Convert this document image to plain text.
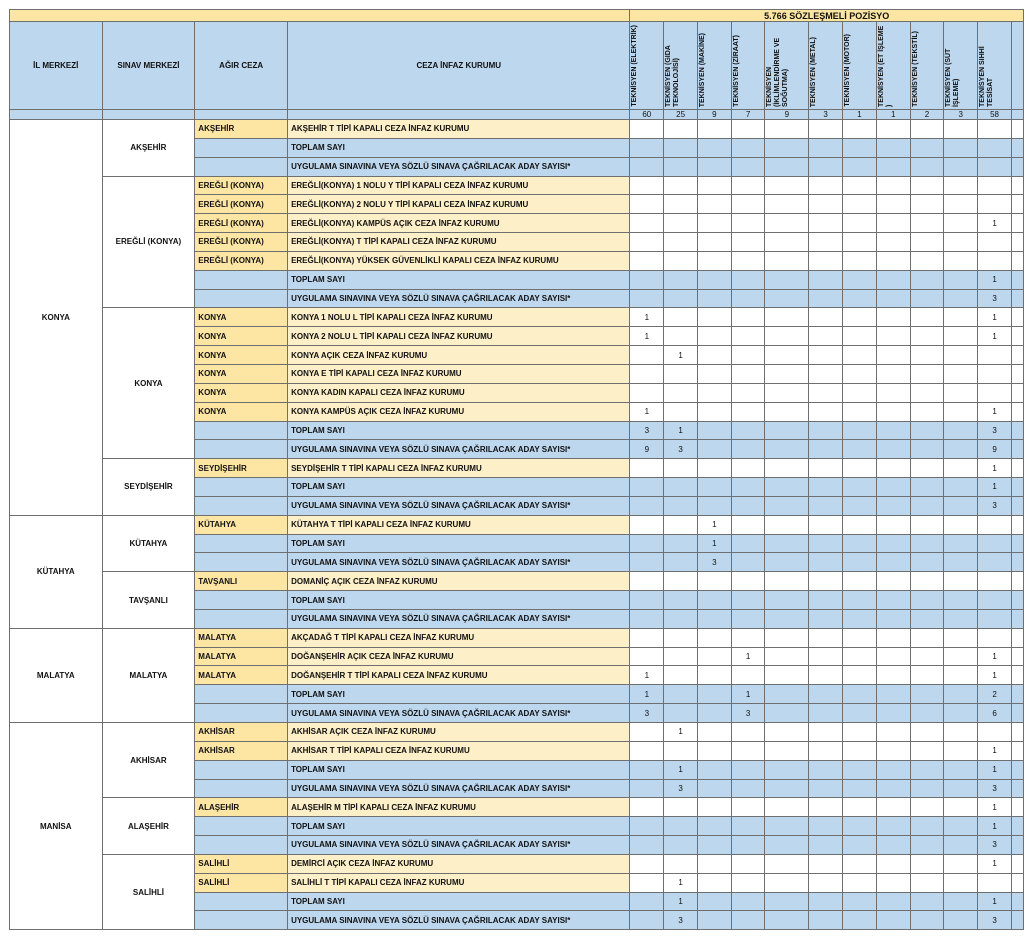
				5.766 SÖZLEŞMELİ POZİSYO											
İL MERKEZİ	SINAV MERKEZİ	AĞIR CEZA	CEZA İNFAZ KURUMU	TEKNİSYEN (ELEKTRİK)	TEKNİSYEN (GIDA TEKNOLOJİSİ)	TEKNİSYEN (MAKİNE)	TEKNİSYEN (ZİRAAT)	TEKNİSYEN (İKLİMLENDİRME VE SOĞUTMA)	TEKNİSYEN (METAL)	TEKNİSYEN (MOTOR)	TEKNİSYEN (ET İŞLEME )	TEKNİSYEN (TEKSTİL)	TEKNİSYEN (SÜT İŞLEME)	TEKNİSYEN SIHHİ TESİSAT	

				60	25	9	7	9	3	1	1	2	3	58	
KONYA	AKŞEHİR	AKŞEHİR	AKŞEHİR T TİPİ KAPALI CEZA İNFAZ KURUMU												
			TOPLAM SAYI												
			UYGULAMA SINAVINA VEYA SÖZLÜ SINAVA ÇAĞRILACAK ADAY SAYISI*												
	EREĞLİ (KONYA)	EREĞLİ (KONYA)	EREĞLİ(KONYA) 1 NOLU Y TİPİ KAPALI CEZA İNFAZ KURUMU												
		EREĞLİ (KONYA)	EREĞLİ(KONYA) 2 NOLU Y TİPİ KAPALI CEZA İNFAZ KURUMU												
		EREĞLİ (KONYA)	EREĞLİ(KONYA) KAMPÜS AÇIK CEZA İNFAZ KURUMU											1	
		EREĞLİ (KONYA)	EREĞLİ(KONYA) T TİPİ KAPALI CEZA İNFAZ KURUMU												
		EREĞLİ (KONYA)	EREĞLİ(KONYA) YÜKSEK GÜVENLİKLİ KAPALI CEZA İNFAZ KURUMU												
			TOPLAM SAYI											1	
			UYGULAMA SINAVINA VEYA SÖZLÜ SINAVA ÇAĞRILACAK ADAY SAYISI*											3	
	KONYA	KONYA	KONYA 1 NOLU L TİPİ KAPALI CEZA İNFAZ KURUMU	1										1	
		KONYA	KONYA 2 NOLU L TİPİ KAPALI CEZA İNFAZ KURUMU	1										1	
		KONYA	KONYA AÇIK CEZA İNFAZ KURUMU		1										
		KONYA	KONYA E TİPİ KAPALI CEZA İNFAZ KURUMU												
		KONYA	KONYA KADIN KAPALI CEZA İNFAZ KURUMU												
		KONYA	KONYA KAMPÜS AÇIK CEZA İNFAZ KURUMU	1										1	
			TOPLAM SAYI	3	1									3	
			UYGULAMA SINAVINA VEYA SÖZLÜ SINAVA ÇAĞRILACAK ADAY SAYISI*	9	3									9	
	SEYDİŞEHİR	SEYDİŞEHİR	SEYDİŞEHİR T TİPİ KAPALI CEZA İNFAZ KURUMU											1	
			TOPLAM SAYI											1	
			UYGULAMA SINAVINA VEYA SÖZLÜ SINAVA ÇAĞRILACAK ADAY SAYISI*											3	
KÜTAHYA	KÜTAHYA	KÜTAHYA	KÜTAHYA T TİPİ KAPALI CEZA İNFAZ KURUMU			1									
			TOPLAM SAYI			1									
			UYGULAMA SINAVINA VEYA SÖZLÜ SINAVA ÇAĞRILACAK ADAY SAYISI*			3									
	TAVŞANLI	TAVŞANLI	DOMANİÇ AÇIK CEZA İNFAZ KURUMU												
			TOPLAM SAYI												
			UYGULAMA SINAVINA VEYA SÖZLÜ SINAVA ÇAĞRILACAK ADAY SAYISI*												
MALATYA	MALATYA	MALATYA	AKÇADAĞ T TİPİ KAPALI CEZA İNFAZ KURUMU												
		MALATYA	DOĞANŞEHİR AÇIK CEZA İNFAZ KURUMU				1							1	
		MALATYA	DOĞANŞEHİR T TİPİ KAPALI CEZA İNFAZ KURUMU	1										1	
			TOPLAM SAYI	1			1							2	
			UYGULAMA SINAVINA VEYA SÖZLÜ SINAVA ÇAĞRILACAK ADAY SAYISI*	3			3							6	
MANİSA	AKHİSAR	AKHİSAR	AKHİSAR AÇIK CEZA İNFAZ KURUMU		1										
		AKHİSAR	AKHİSAR T TİPİ KAPALI CEZA İNFAZ KURUMU											1	
			TOPLAM SAYI		1									1	
			UYGULAMA SINAVINA VEYA SÖZLÜ SINAVA ÇAĞRILACAK ADAY SAYISI*		3									3	
	ALAŞEHİR	ALAŞEHİR	ALAŞEHİR M TİPİ KAPALI CEZA İNFAZ KURUMU											1	
			TOPLAM SAYI											1	
			UYGULAMA SINAVINA VEYA SÖZLÜ SINAVA ÇAĞRILACAK ADAY SAYISI*											3	
	SALİHLİ	SALİHLİ	DEMİRCİ AÇIK CEZA İNFAZ KURUMU											1	
		SALİHLİ	SALİHLİ T TİPİ KAPALI CEZA İNFAZ KURUMU		1										
			TOPLAM SAYI		1									1	
			UYGULAMA SINAVINA VEYA SÖZLÜ SINAVA ÇAĞRILACAK ADAY SAYISI*		3									3	
